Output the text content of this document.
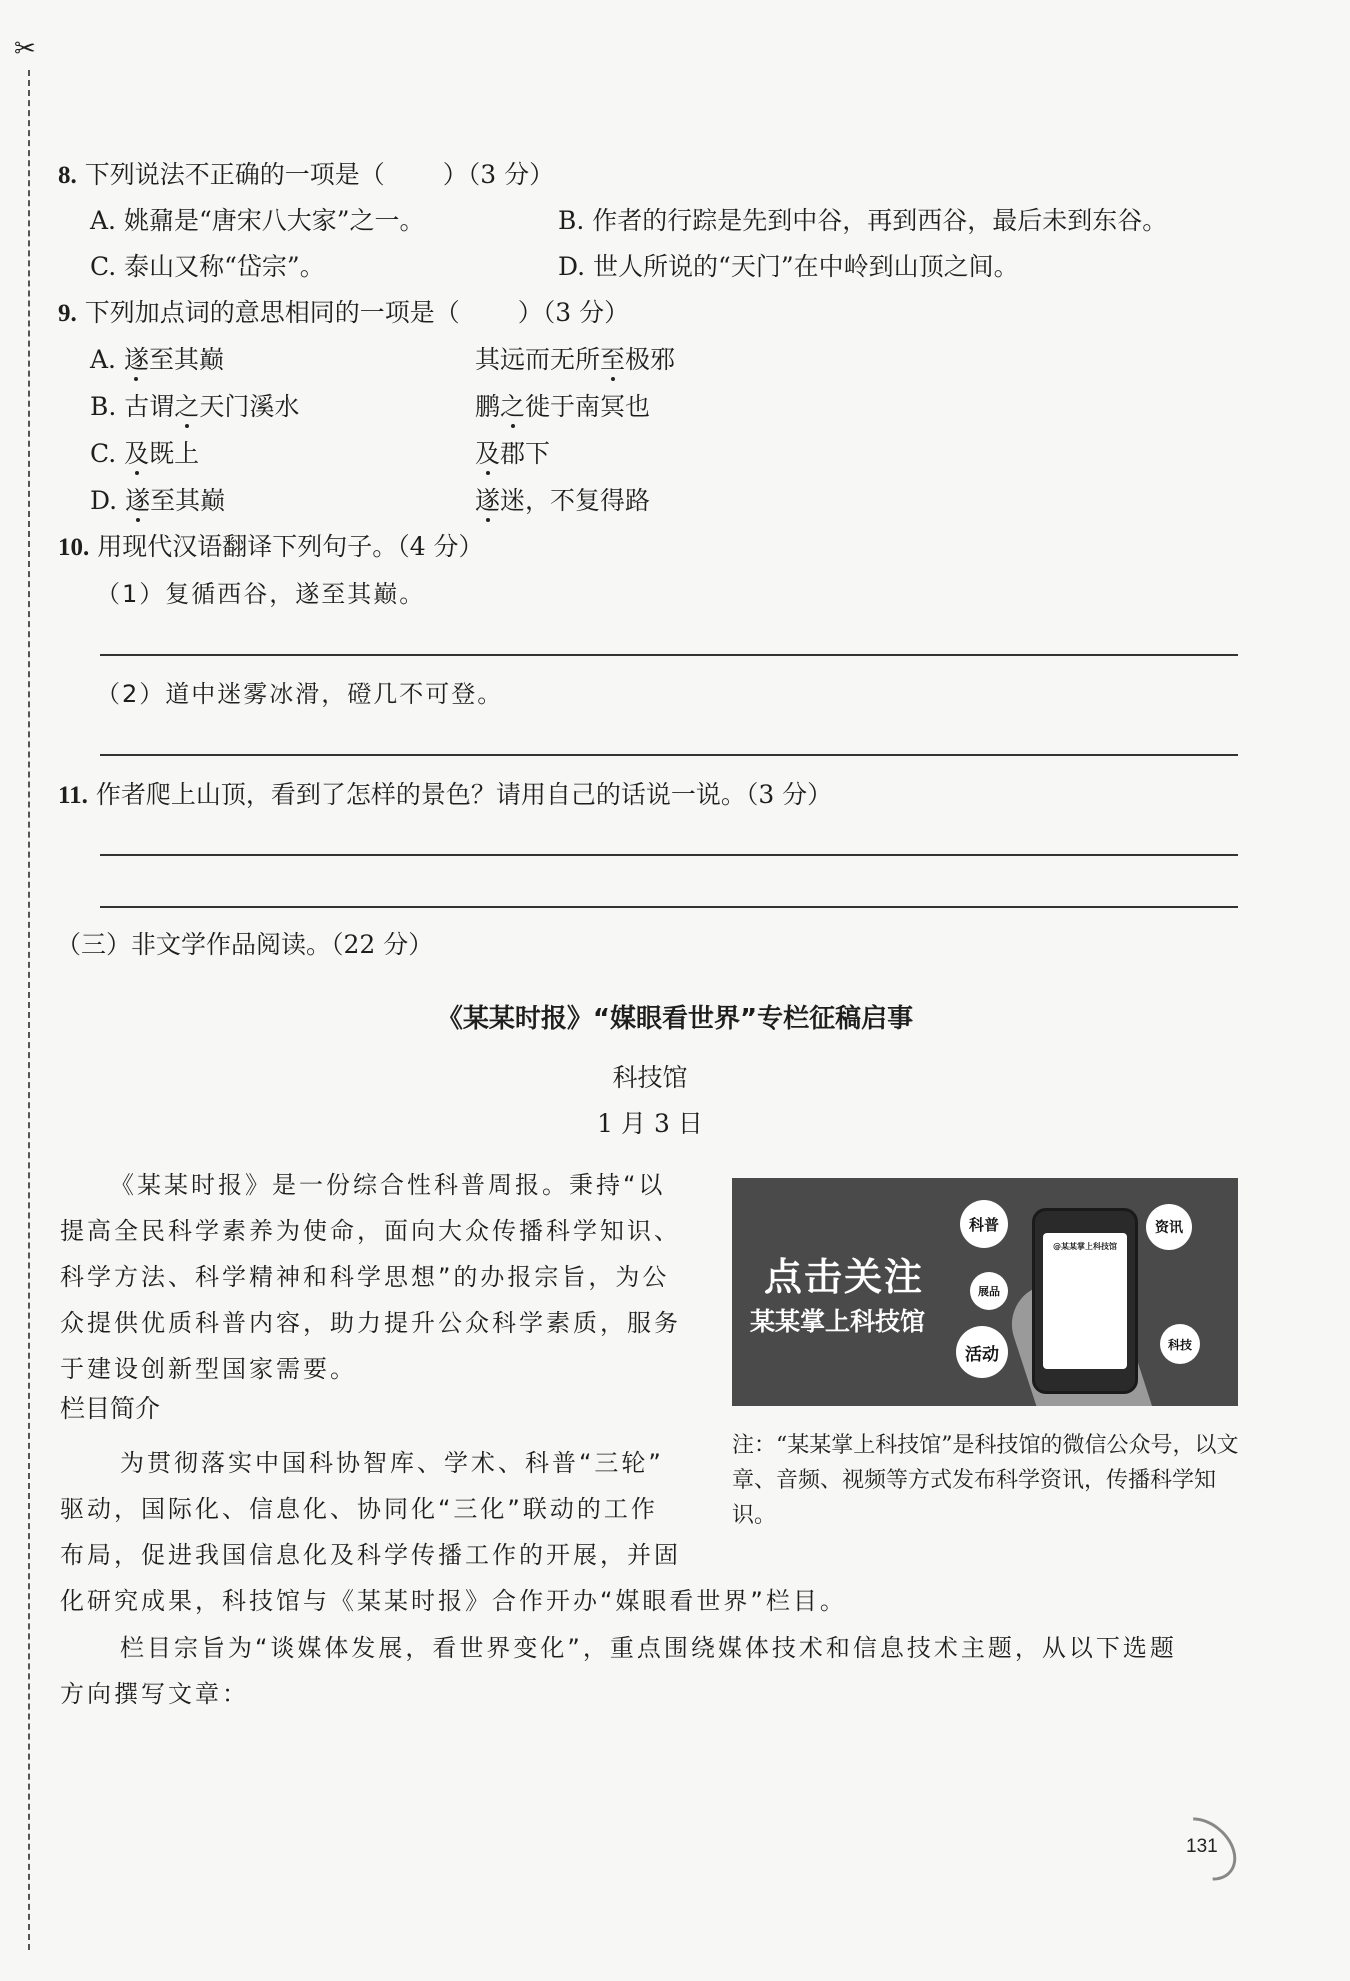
✂
8. 下列说法不正确的一项是（ ）（3 分）
A. 姚鼐是“唐宋八大家”之一。	B. 作者的行踪是先到中谷，再到西谷，最后未到东谷。
C. 泰山又称“岱宗”。	D. 世人所说的“天门”在中岭到山顶之间。
9. 下列加点词的意思相同的一项是（ ）（3 分）
A. 遂至其巅	其远而无所至极邪
B. 古谓之天门溪水	鹏之徙于南冥也
C. 及既上	及郡下
D. 遂至其巅	遂迷，不复得路
10. 用现代汉语翻译下列句子。（4 分）
（1）复循西谷，遂至其巅。
（2）道中迷雾冰滑，磴几不可登。
11. 作者爬上山顶，看到了怎样的景色？请用自己的话说一说。（3 分）
（三）非文学作品阅读。（22 分）
《某某时报》“媒眼看世界”专栏征稿启事
科技馆
1 月 3 日
《某某时报》是一份综合性科普周报。秉持“以
提高全民科学素养为使命，面向大众传播科学知识、
科学方法、科学精神和科学思想”的办报宗旨，为公
众提供优质科普内容，助力提升公众科学素质，服务
于建设创新型国家需要。
栏目简介
为贯彻落实中国科协智库、学术、科普“三轮”
驱动，国际化、信息化、协同化“三化”联动的工作
布局，促进我国信息化及科学传播工作的开展，并固
化研究成果，科技馆与《某某时报》合作开办“媒眼看世界”栏目。
栏目宗旨为“谈媒体发展，看世界变化”，重点围绕媒体技术和信息技术主题，从以下选题
方向撰写文章：
点击关注
某某掌上科技馆
@某某掌上科技馆
科普	资讯
展品
活动	科技
注：“某某掌上科技馆”是科技馆的微信公众号，以文章、音频、视频等方式发布科学资讯，传播科学知识。
131
